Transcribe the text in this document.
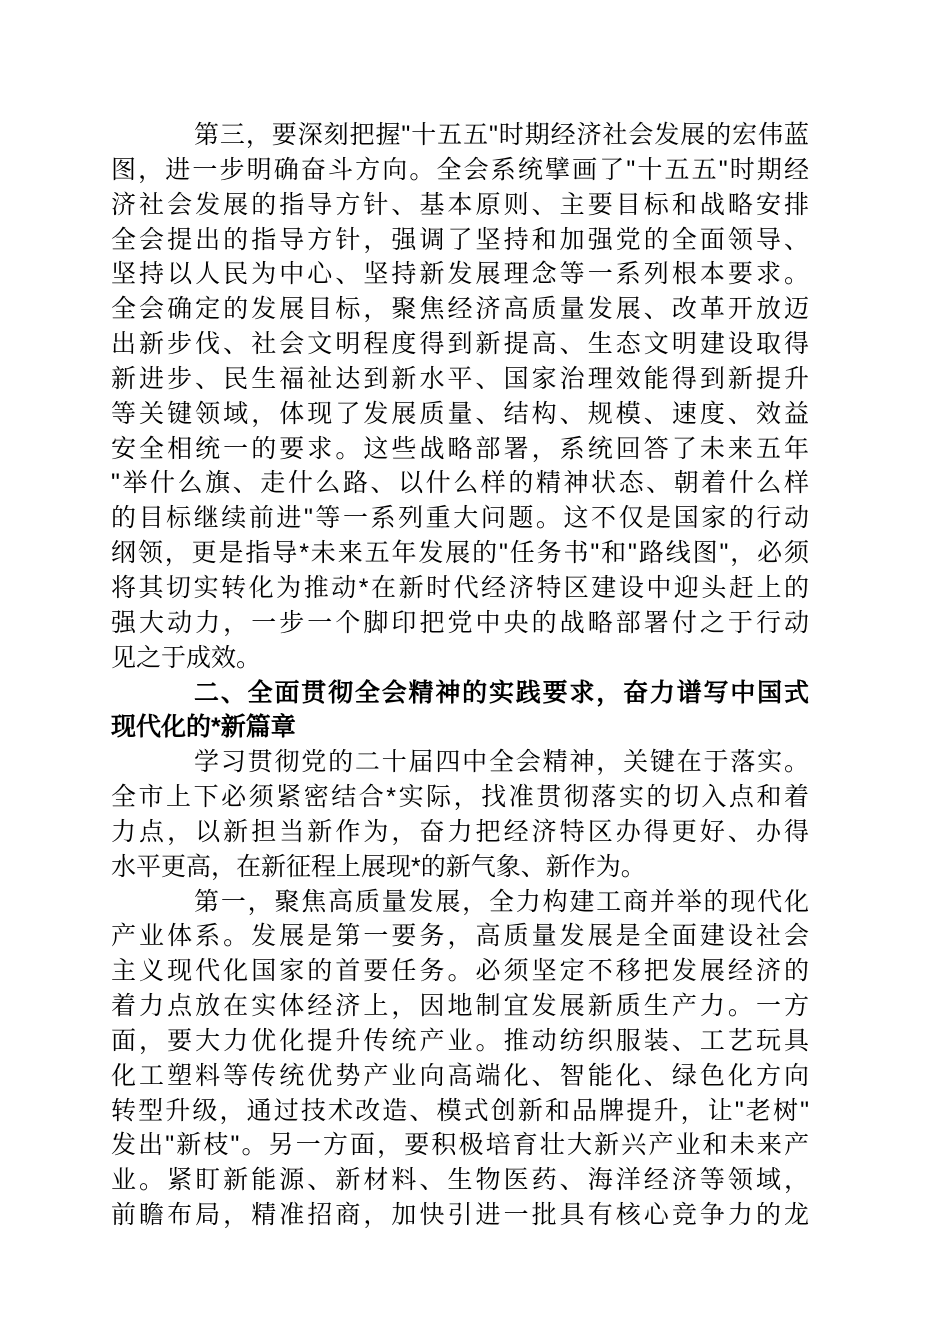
第三，要深刻把握"十五五"时期经济社会发展的宏伟蓝
图，进一步明确奋斗方向。全会系统擘画了"十五五"时期经
济社会发展的指导方针、基本原则、主要目标和战略安排
全会提出的指导方针，强调了坚持和加强党的全面领导、
坚持以人民为中心、坚持新发展理念等一系列根本要求。
全会确定的发展目标，聚焦经济高质量发展、改革开放迈
出新步伐、社会文明程度得到新提高、生态文明建设取得
新进步、民生福祉达到新水平、国家治理效能得到新提升
等关键领域，体现了发展质量、结构、规模、速度、效益
安全相统一的要求。这些战略部署，系统回答了未来五年
"举什么旗、走什么路、以什么样的精神状态、朝着什么样
的目标继续前进"等一系列重大问题。这不仅是国家的行动
纲领，更是指导*未来五年发展的"任务书"和"路线图"，必须
将其切实转化为推动*在新时代经济特区建设中迎头赶上的
强大动力，一步一个脚印把党中央的战略部署付之于行动
见之于成效。
二、全面贯彻全会精神的实践要求，奋力谱写中国式
现代化的*新篇章
学习贯彻党的二十届四中全会精神，关键在于落实。
全市上下必须紧密结合*实际，找准贯彻落实的切入点和着
力点，以新担当新作为，奋力把经济特区办得更好、办得
水平更高，在新征程上展现*的新气象、新作为。
第一，聚焦高质量发展，全力构建工商并举的现代化
产业体系。发展是第一要务，高质量发展是全面建设社会
主义现代化国家的首要任务。必须坚定不移把发展经济的
着力点放在实体经济上，因地制宜发展新质生产力。一方
面，要大力优化提升传统产业。推动纺织服装、工艺玩具
化工塑料等传统优势产业向高端化、智能化、绿色化方向
转型升级，通过技术改造、模式创新和品牌提升，让"老树"
发出"新枝"。另一方面，要积极培育壮大新兴产业和未来产
业。紧盯新能源、新材料、生物医药、海洋经济等领域，
前瞻布局，精准招商，加快引进一批具有核心竞争力的龙
